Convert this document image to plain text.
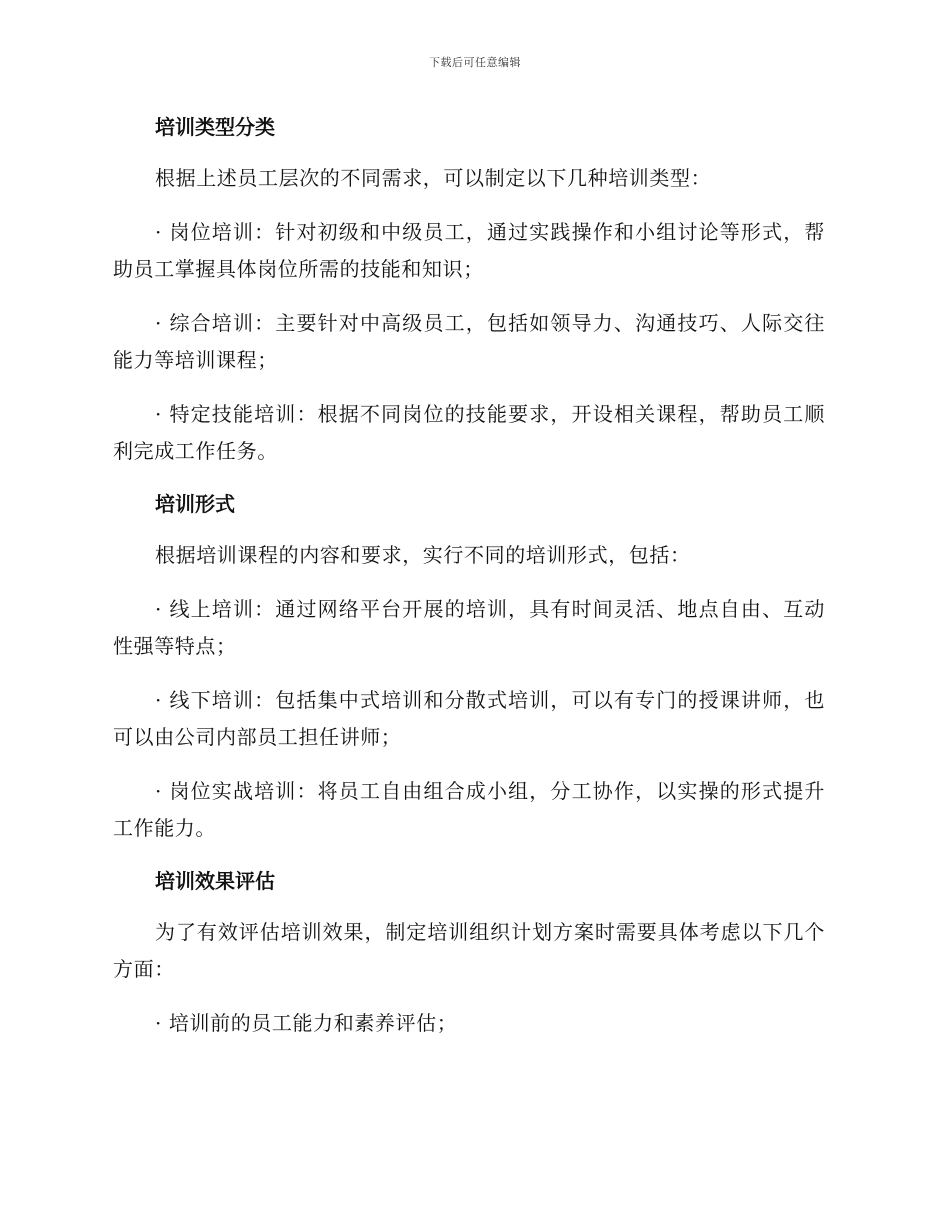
下载后可任意编辑
培训类型分类

根据上述员工层次的不同需求，可以制定以下几种培训类型：

· 岗位培训：针对初级和中级员工，通过实践操作和小组讨论等形式，帮助员工掌握具体岗位所需的技能和知识；

· 综合培训：主要针对中高级员工，包括如领导力、沟通技巧、人际交往能力等培训课程；

· 特定技能培训：根据不同岗位的技能要求，开设相关课程，帮助员工顺利完成工作任务。

培训形式

根据培训课程的内容和要求，实行不同的培训形式，包括：

· 线上培训：通过网络平台开展的培训，具有时间灵活、地点自由、互动性强等特点；

· 线下培训：包括集中式培训和分散式培训，可以有专门的授课讲师，也可以由公司内部员工担任讲师；

· 岗位实战培训：将员工自由组合成小组，分工协作，以实操的形式提升工作能力。

培训效果评估

为了有效评估培训效果，制定培训组织计划方案时需要具体考虑以下几个方面：

· 培训前的员工能力和素养评估；
